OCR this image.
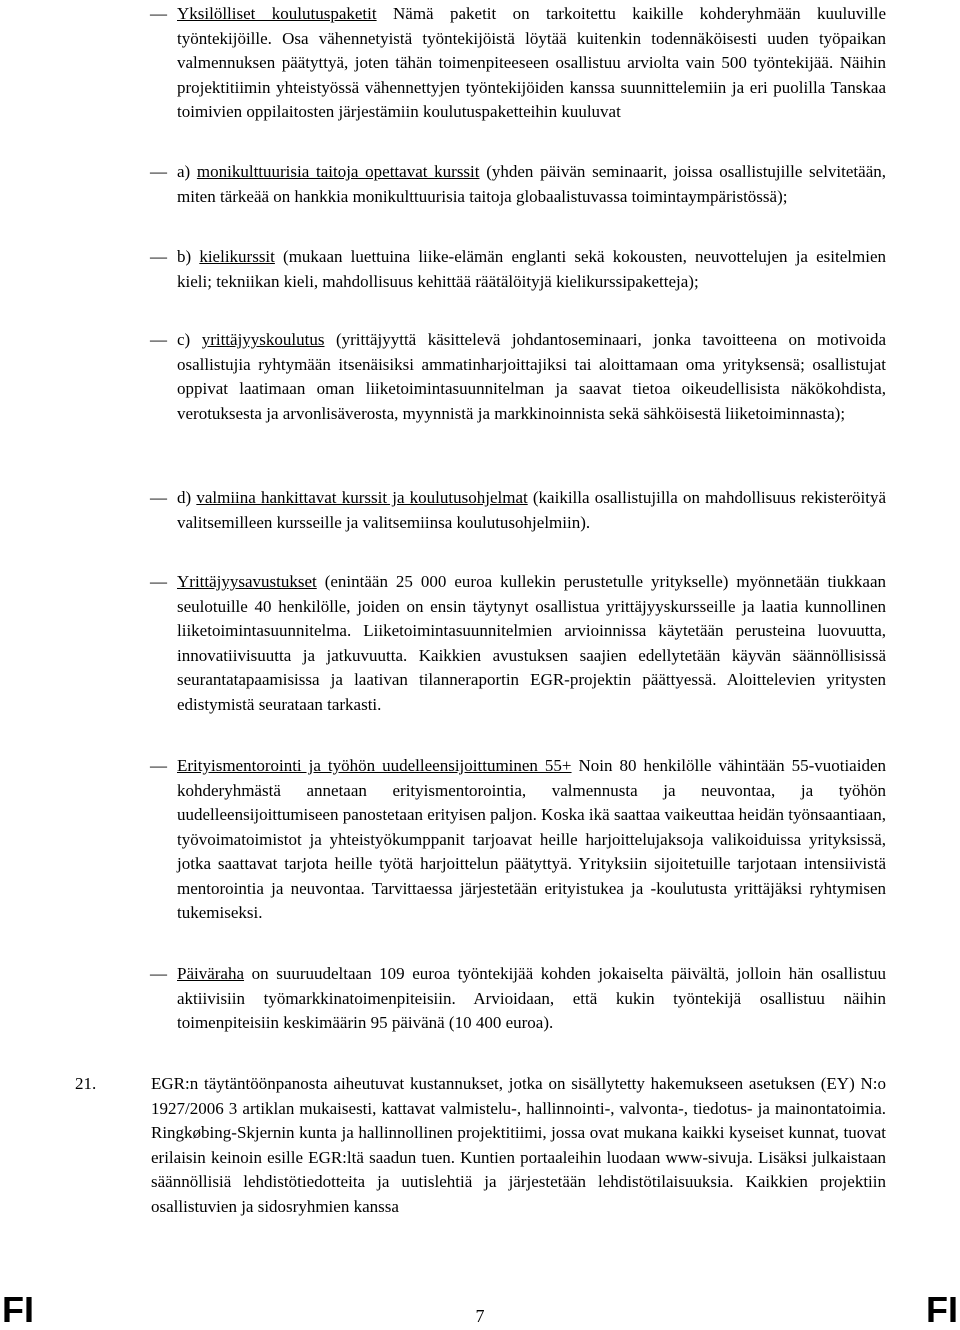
— Yksilölliset koulutuspaketit Nämä paketit on tarkoitettu kaikille kohderyhmään kuuluville työntekijöille. Osa vähennetyistä työntekijöistä löytää kuitenkin todennäköisesti uuden työpaikan valmennuksen päätyttyä, joten tähän toimenpiteeseen osallistuu arviolta vain 500 työntekijää. Näihin projektitiimin yhteistyössä vähennettyjen työntekijöiden kanssa suunnittelemiin ja eri puolilla Tanskaa toimivien oppilaitosten järjestämiin koulutuspaketteihin kuuluvat
— a) monikulttuurisia taitoja opettavat kurssit (yhden päivän seminaarit, joissa osallistujille selvitetään, miten tärkeää on hankkia monikulttuurisia taitoja globaalistuvassa toimintaympäristössä);
— b) kielikurssit (mukaan luettuina liike-elämän englanti sekä kokousten, neuvottelujen ja esitelmien kieli; tekniikan kieli, mahdollisuus kehittää räätälöityjä kielikurssipaketteja);
— c) yrittäjyyskoulutus (yrittäjyyttä käsittelevä johdantoseminaari, jonka tavoitteena on motivoida osallistujia ryhtymään itsenäisiksi ammatinharjoittajiksi tai aloittamaan oma yrityksensä; osallistujat oppivat laatimaan oman liiketoimintasuunnitelman ja saavat tietoa oikeudellisista näkökohdista, verotuksesta ja arvonlisäverosta, myynnistä ja markkinoinnista sekä sähköisestä liiketoiminnasta);
— d) valmiina hankittavat kurssit ja koulutusohjelmat (kaikilla osallistujilla on mahdollisuus rekisteröityä valitsemilleen kursseille ja valitsemiinsa koulutusohjelmiin).
— Yrittäjyysavustukset (enintään 25 000 euroa kullekin perustetulle yritykselle) myönnetään tiukkaan seulotuille 40 henkilölle, joiden on ensin täytynyt osallistua yrittäjyyskursseille ja laatia kunnollinen liiketoimintasuunnitelma. Liiketoimintasuunnitelmien arvioinnissa käytetään perusteina luovuutta, innovatiivisuutta ja jatkuvuutta. Kaikkien avustuksen saajien edellytetään käyvän säännöllisissä seurantatapaamisissa ja laativan tilanneraportin EGR-projektin päättyessä. Aloittelevien yritysten edistymistä seurataan tarkasti.
— Erityismentorointi ja työhön uudelleensijoittuminen 55+ Noin 80 henkilölle vähintään 55-vuotiaiden kohderyhmästä annetaan erityismentorointia, valmennusta ja neuvontaa, ja työhön uudelleensijoittumiseen panostetaan erityisen paljon. Koska ikä saattaa vaikeuttaa heidän työnsaantiaan, työvoimatoimistot ja yhteistyökumppanit tarjoavat heille harjoittelujaksoja valikoiduissa yrityksissä, jotka saattavat tarjota heille työtä harjoittelun päätyttyä. Yrityksiin sijoitetuille tarjotaan intensiivistä mentorointia ja neuvontaa. Tarvittaessa järjestetään erityistukea ja -koulutusta yrittäjäksi ryhtymisen tukemiseksi.
— Päiväraha on suuruudeltaan 109 euroa työntekijää kohden jokaiselta päivältä, jolloin hän osallistuu aktiivisiin työmarkkinatoimenpiteisiin. Arvioidaan, että kukin työntekijä osallistuu näihin toimenpiteisiin keskimäärin 95 päivänä (10 400 euroa).
21.	EGR:n täytäntöönpanosta aiheutuvat kustannukset, jotka on sisällytetty hakemukseen asetuksen (EY) N:o 1927/2006 3 artiklan mukaisesti, kattavat valmistelu-, hallinnointi-, valvonta-, tiedotus- ja mainontatoimia. Ringkøbing-Skjernin kunta ja hallinnollinen projektitiimi, jossa ovat mukana kaikki kyseiset kunnat, tuovat erilaisin keinoin esille EGR:ltä saadun tuen. Kuntien portaaleihin luodaan www-sivuja. Lisäksi julkaistaan säännöllisiä lehdistötiedotteita ja uutislehtiä ja järjestetään lehdistötilaisuuksia. Kaikkien projektiin osallistuvien ja sidosryhmien kanssa
FI	7	FI
